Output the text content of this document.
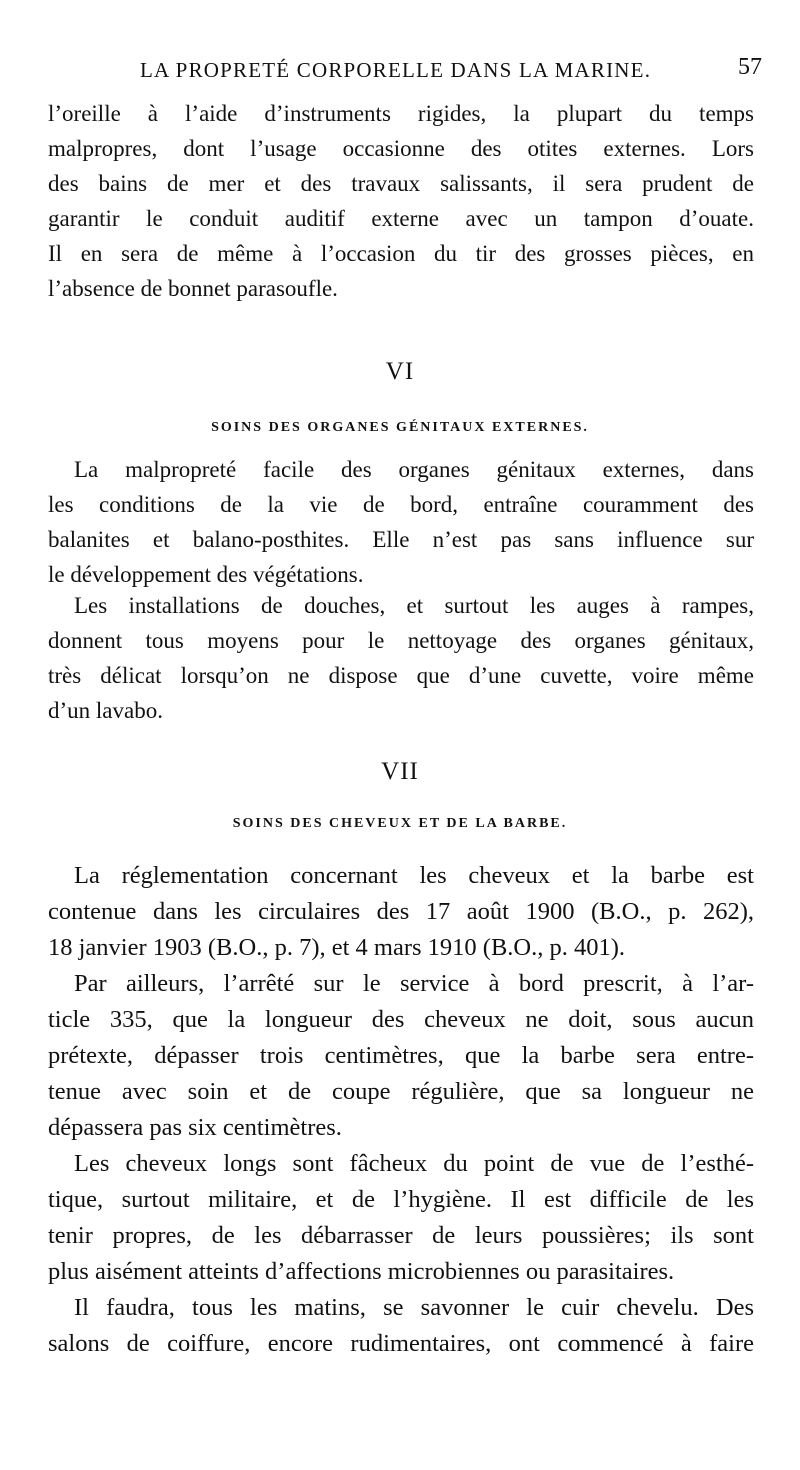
LA PROPRETÉ CORPORELLE DANS LA MARINE.	57
l’oreille à l’aide d’instruments rigides, la plupart du temps
malpropres, dont l’usage occasionne des otites externes. Lors
des bains de mer et des travaux salissants, il sera prudent de
garantir le conduit auditif externe avec un tampon d’ouate.
Il en sera de même à l’occasion du tir des grosses pièces, en
l’absence de bonnet parasoufle.
VI
SOINS DES ORGANES GÉNITAUX EXTERNES.
La malpropreté facile des organes génitaux externes, dans
les conditions de la vie de bord, entraîne couramment des
balanites et balano-posthites. Elle n’est pas sans influence sur
le développement des végétations.
Les installations de douches, et surtout les auges à rampes,
donnent tous moyens pour le nettoyage des organes génitaux,
très délicat lorsqu’on ne dispose que d’une cuvette, voire même
d’un lavabo.
VII
SOINS DES CHEVEUX ET DE LA BARBE.
La réglementation concernant les cheveux et la barbe est
contenue dans les circulaires des 17 août 1900 (B.O., p. 262),
18 janvier 1903 (B.O., p. 7), et 4 mars 1910 (B.O., p. 401).
Par ailleurs, l’arrêté sur le service à bord prescrit, à l’ar-
ticle 335, que la longueur des cheveux ne doit, sous aucun
prétexte, dépasser trois centimètres, que la barbe sera entre-
tenue avec soin et de coupe régulière, que sa longueur ne
dépassera pas six centimètres.
Les cheveux longs sont fâcheux du point de vue de l’esthé-
tique, surtout militaire, et de l’hygiène. Il est difficile de les
tenir propres, de les débarrasser de leurs poussières; ils sont
plus aisément atteints d’affections microbiennes ou parasitaires.
Il faudra, tous les matins, se savonner le cuir chevelu. Des
salons de coiffure, encore rudimentaires, ont commencé à faire
